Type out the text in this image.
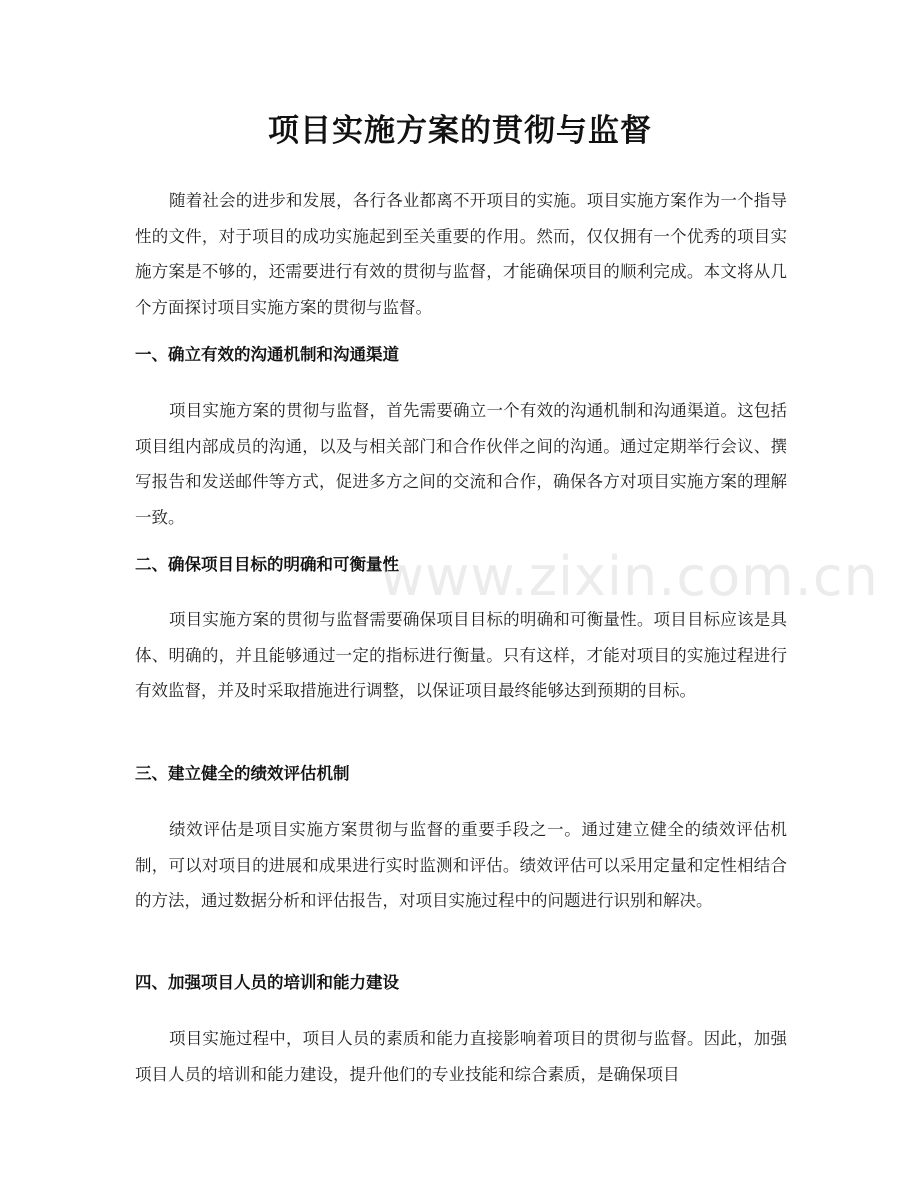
项目实施方案的贯彻与监督

随着社会的进步和发展，各行各业都离不开项目的实施。项目实施方案作为一个指导性的文件，对于项目的成功实施起到至关重要的作用。然而，仅仅拥有一个优秀的项目实施方案是不够的，还需要进行有效的贯彻与监督，才能确保项目的顺利完成。本文将从几个方面探讨项目实施方案的贯彻与监督。

一、确立有效的沟通机制和沟通渠道

项目实施方案的贯彻与监督，首先需要确立一个有效的沟通机制和沟通渠道。这包括项目组内部成员的沟通，以及与相关部门和合作伙伴之间的沟通。通过定期举行会议、撰写报告和发送邮件等方式，促进多方之间的交流和合作，确保各方对项目实施方案的理解一致。

二、确保项目目标的明确和可衡量性

项目实施方案的贯彻与监督需要确保项目目标的明确和可衡量性。项目目标应该是具体、明确的，并且能够通过一定的指标进行衡量。只有这样，才能对项目的实施过程进行有效监督，并及时采取措施进行调整，以保证项目最终能够达到预期的目标。

三、建立健全的绩效评估机制

绩效评估是项目实施方案贯彻与监督的重要手段之一。通过建立健全的绩效评估机制，可以对项目的进展和成果进行实时监测和评估。绩效评估可以采用定量和定性相结合的方法，通过数据分析和评估报告，对项目实施过程中的问题进行识别和解决。

四、加强项目人员的培训和能力建设

项目实施过程中，项目人员的素质和能力直接影响着项目的贯彻与监督。因此，加强项目人员的培训和能力建设，提升他们的专业技能和综合素质，是确保项目

www.zixin.com.cn
